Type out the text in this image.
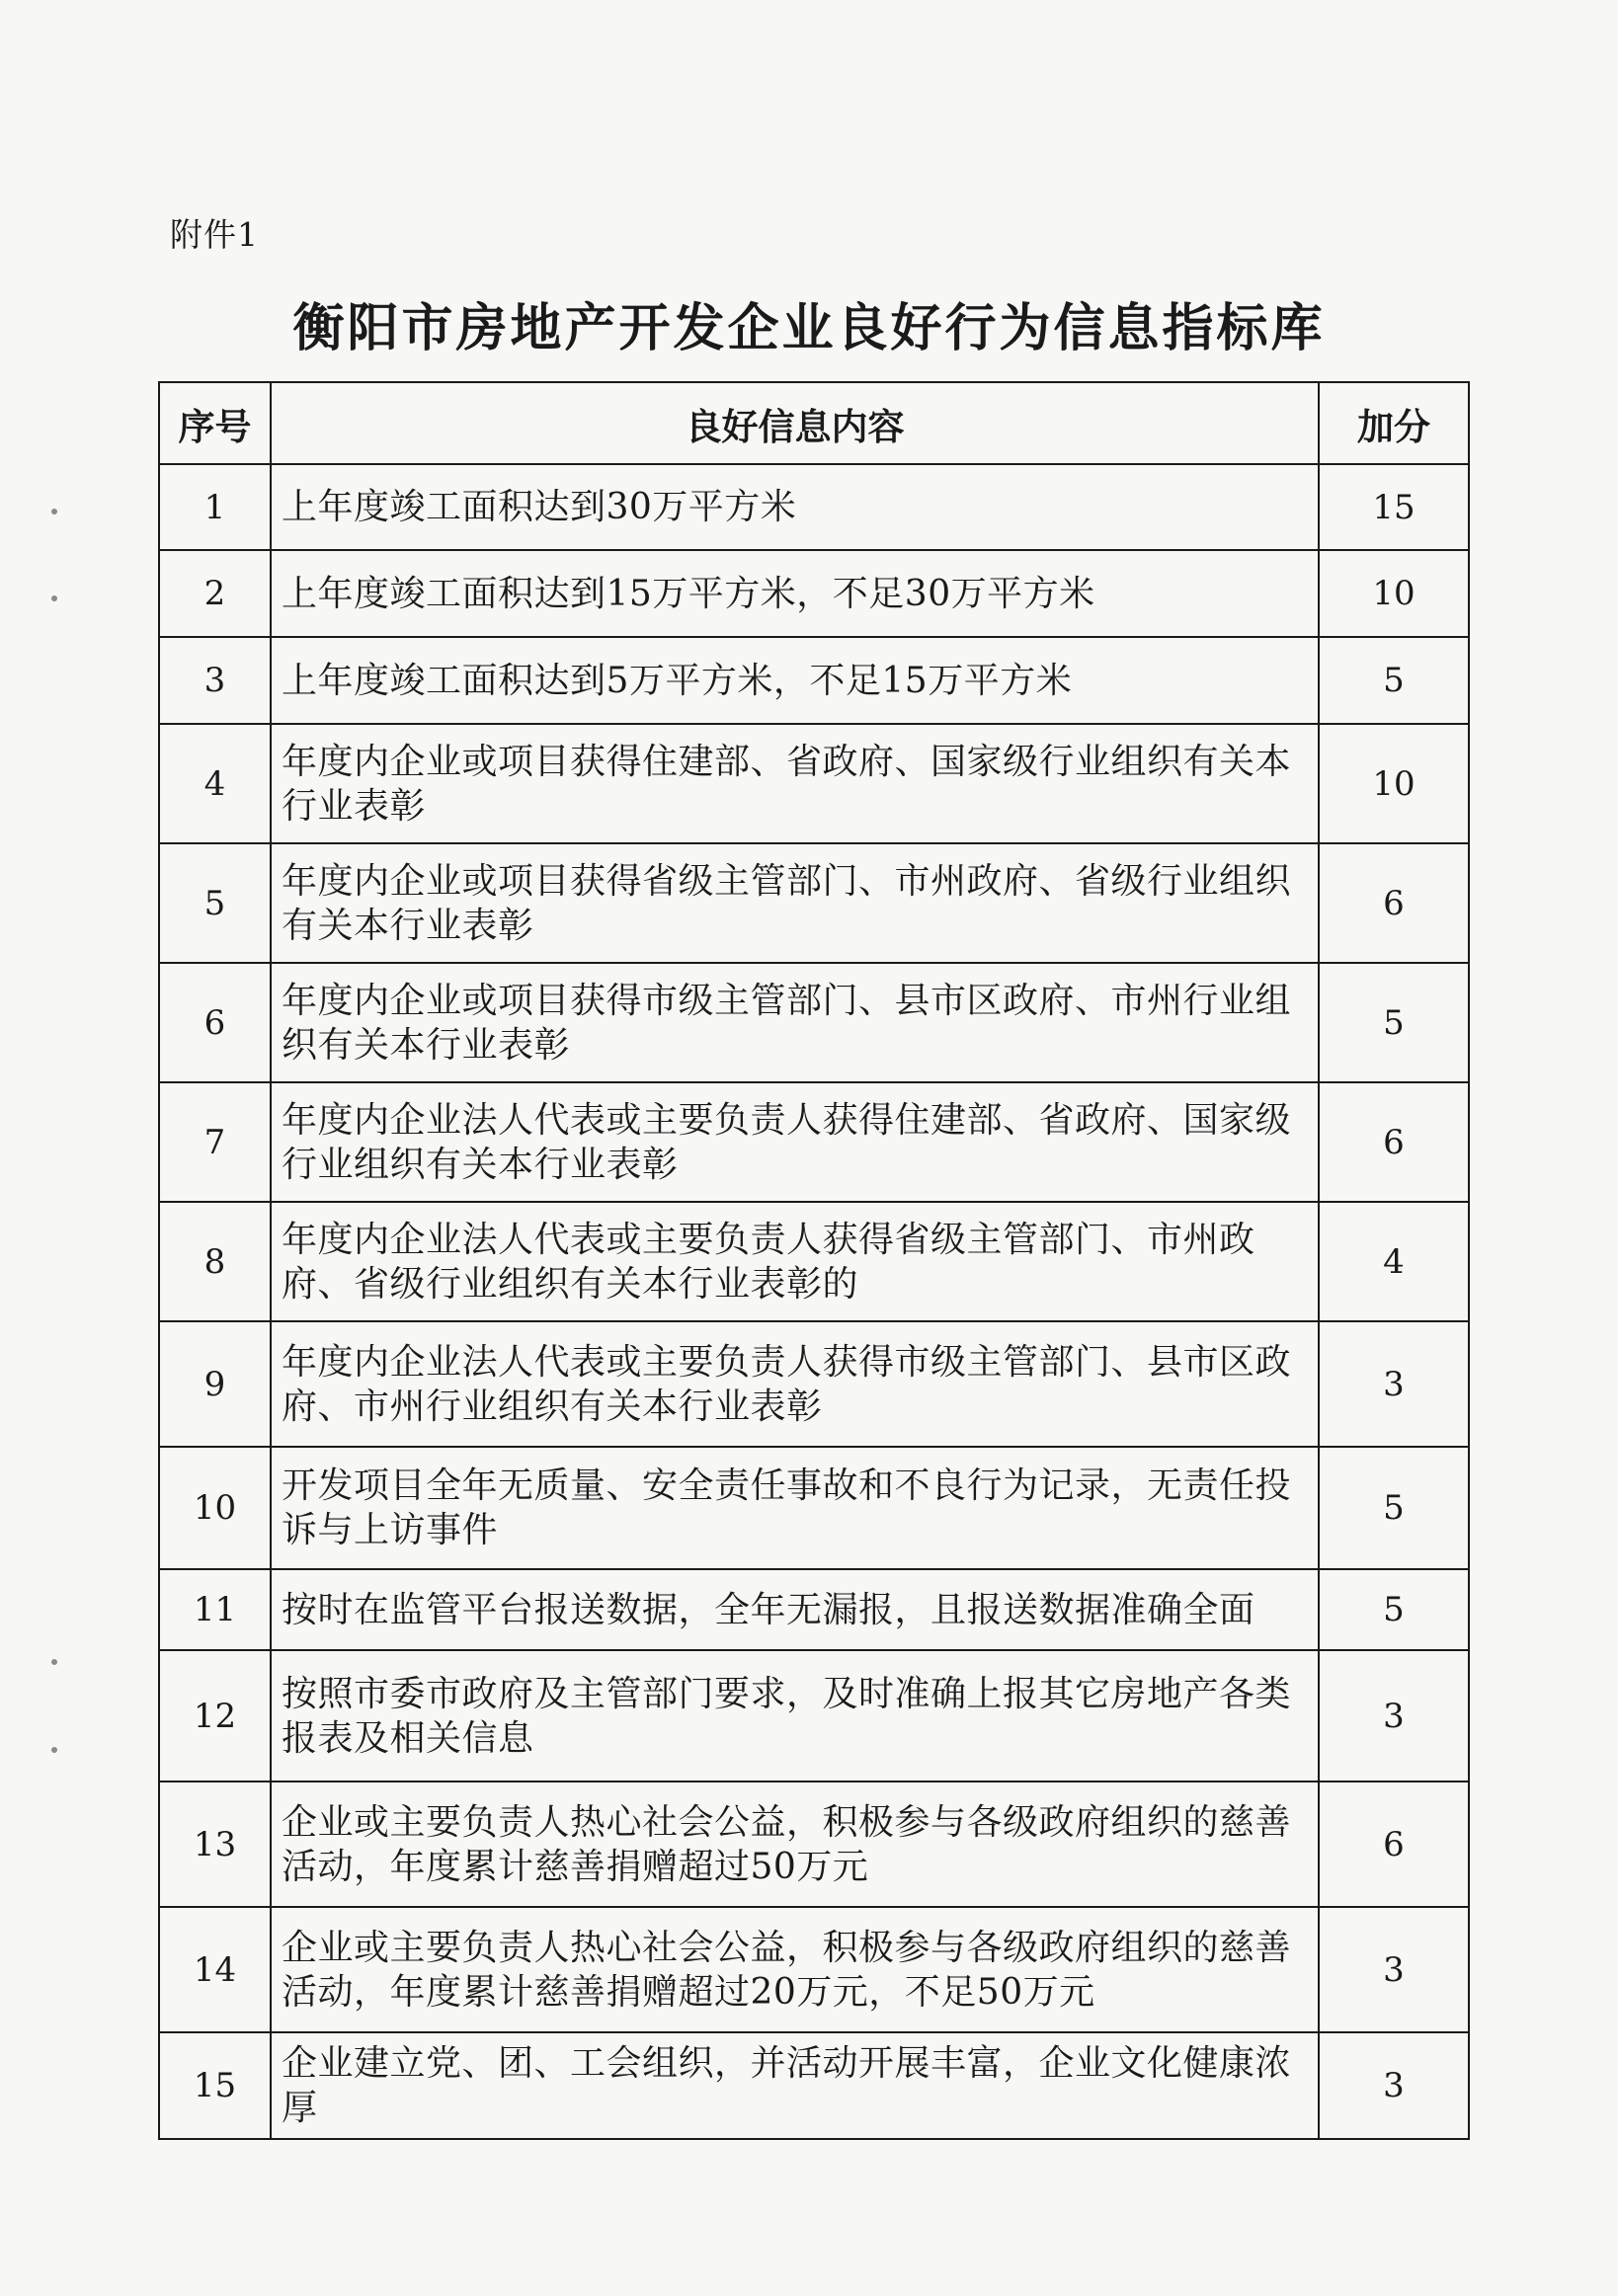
附件1
衡阳市房地产开发企业良好行为信息指标库
序号	良好信息内容	加分
1	上年度竣工面积达到30万平方米	15
2	上年度竣工面积达到15万平方米，不足30万平方米	10
3	上年度竣工面积达到5万平方米，不足15万平方米	5
4	年度内企业或项目获得住建部、省政府、国家级行业组织有关本行业表彰	10
5	年度内企业或项目获得省级主管部门、市州政府、省级行业组织有关本行业表彰	6
6	年度内企业或项目获得市级主管部门、县市区政府、市州行业组织有关本行业表彰	5
7	年度内企业法人代表或主要负责人获得住建部、省政府、国家级行业组织有关本行业表彰	6
8	年度内企业法人代表或主要负责人获得省级主管部门、市州政府、省级行业组织有关本行业表彰的	4
9	年度内企业法人代表或主要负责人获得市级主管部门、县市区政府、市州行业组织有关本行业表彰	3
10	开发项目全年无质量、安全责任事故和不良行为记录，无责任投诉与上访事件	5
11	按时在监管平台报送数据，全年无漏报，且报送数据准确全面	5
12	按照市委市政府及主管部门要求，及时准确上报其它房地产各类报表及相关信息	3
13	企业或主要负责人热心社会公益，积极参与各级政府组织的慈善活动，年度累计慈善捐赠超过50万元	6
14	企业或主要负责人热心社会公益，积极参与各级政府组织的慈善活动，年度累计慈善捐赠超过20万元，不足50万元	3
15	企业建立党、团、工会组织，并活动开展丰富，企业文化健康浓厚	3
